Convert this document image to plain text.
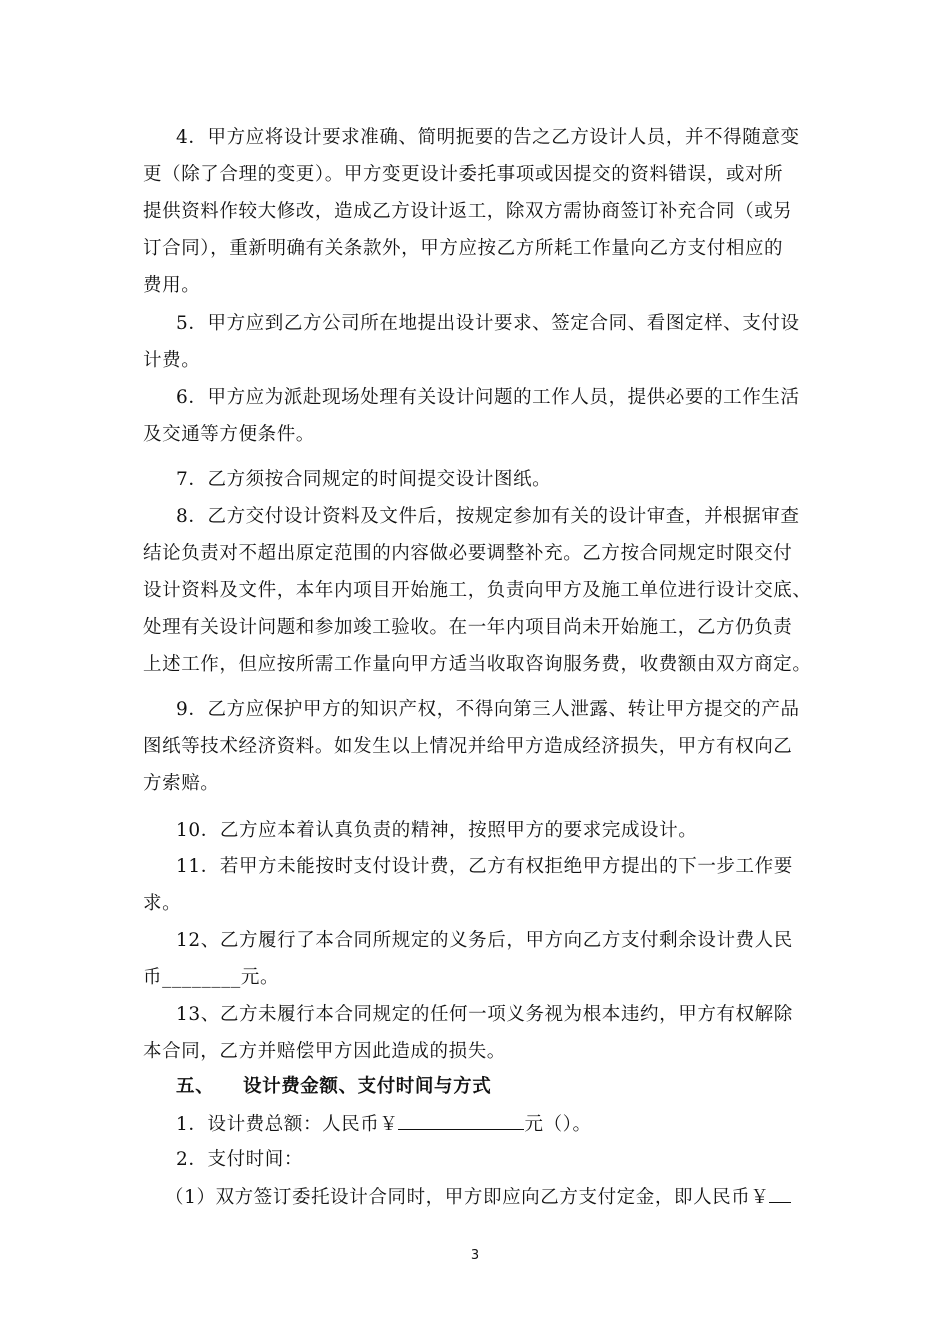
4．甲方应将设计要求准确、简明扼要的告之乙方设计人员，并不得随意变
更（除了合理的变更）。甲方变更设计委托事项或因提交的资料错误，或对所
提供资料作较大修改，造成乙方设计返工，除双方需协商签订补充合同（或另
订合同），重新明确有关条款外，甲方应按乙方所耗工作量向乙方支付相应的
费用。
5．甲方应到乙方公司所在地提出设计要求、签定合同、看图定样、支付设
计费。
6．甲方应为派赴现场处理有关设计问题的工作人员，提供必要的工作生活
及交通等方便条件。
7．乙方须按合同规定的时间提交设计图纸。
8．乙方交付设计资料及文件后，按规定参加有关的设计审查，并根据审查
结论负责对不超出原定范围的内容做必要调整补充。乙方按合同规定时限交付
设计资料及文件，本年内项目开始施工，负责向甲方及施工单位进行设计交底、
处理有关设计问题和参加竣工验收。在一年内项目尚未开始施工，乙方仍负责
上述工作，但应按所需工作量向甲方适当收取咨询服务费，收费额由双方商定。
9．乙方应保护甲方的知识产权，不得向第三人泄露、转让甲方提交的产品
图纸等技术经济资料。如发生以上情况并给甲方造成经济损失，甲方有权向乙
方索赔。
10．乙方应本着认真负责的精神，按照甲方的要求完成设计。
11．若甲方未能按时支付设计费，乙方有权拒绝甲方提出的下一步工作要
求。
12、乙方履行了本合同所规定的义务后，甲方向乙方支付剩余设计费人民
币________元。
13、乙方未履行本合同规定的任何一项义务视为根本违约，甲方有权解除
本合同，乙方并赔偿甲方因此造成的损失。
五、 设计费金额、支付时间与方式
1．设计费总额：人民币￥	元（）。
2．支付时间：
（1）双方签订委托设计合同时，甲方即应向乙方支付定金，即人民币￥
3
